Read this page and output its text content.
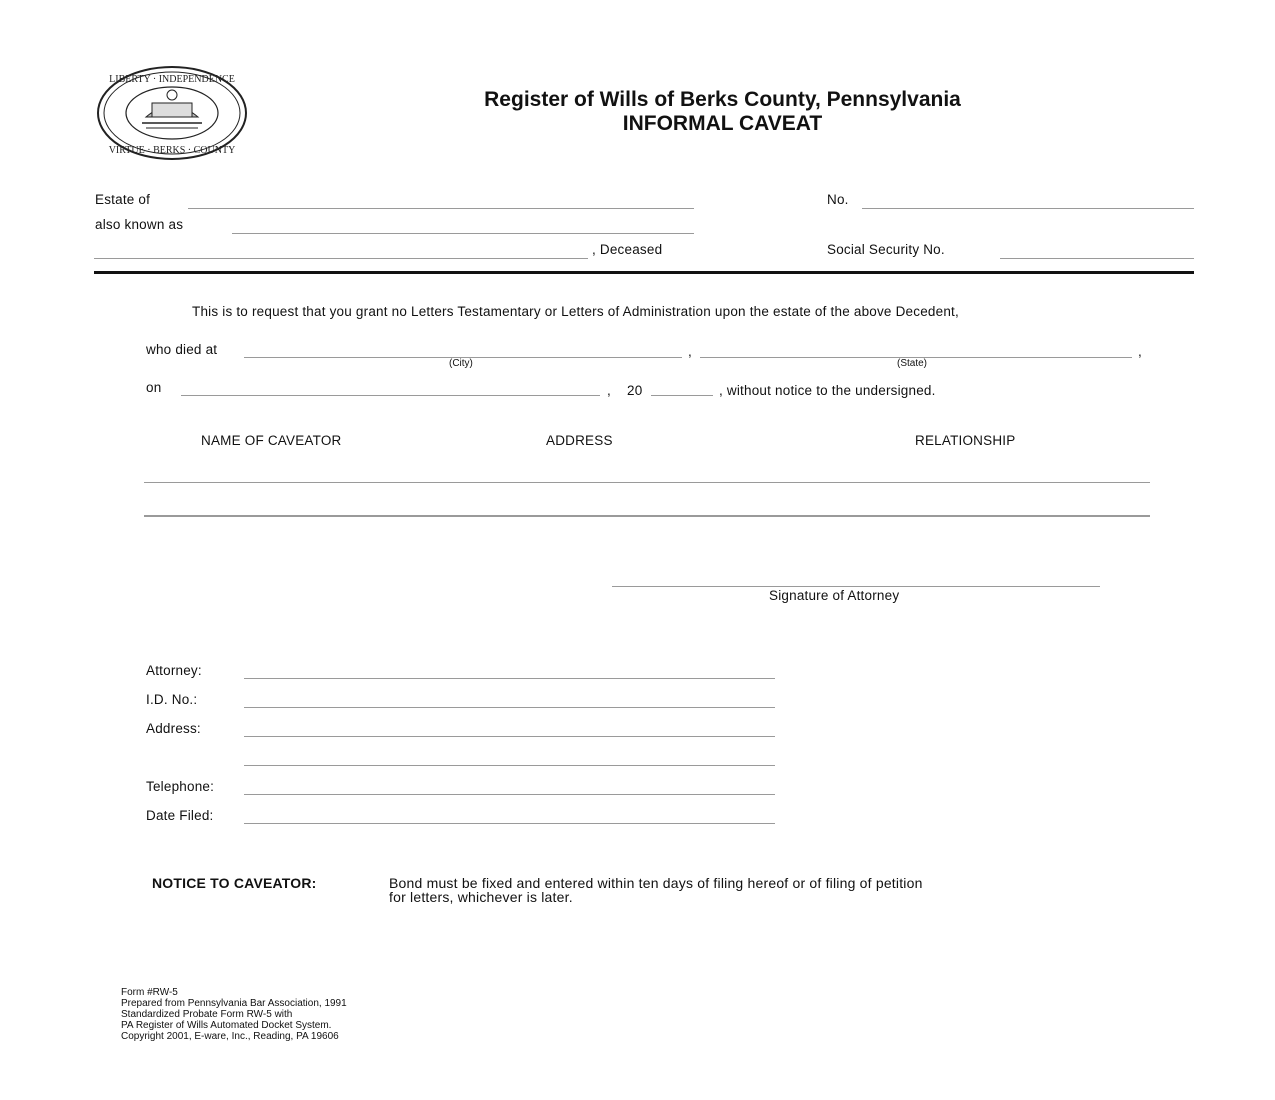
LIBERTY · INDEPENDENCE
VIRTUE · BERKS · COUNTY
Register of Wills of Berks County, Pennsylvania
INFORMAL CAVEAT
Estate of
also known as
, Deceased
No.
Social Security No.
This is to request that you grant no Letters Testamentary or Letters of Administration upon the estate of the above Decedent,
who died at	,	,
(City)	(State)
on	, 20	, without notice to the undersigned.
NAME OF CAVEATOR	ADDRESS	RELATIONSHIP
Signature of Attorney
Attorney:
I.D. No.:
Address:
Telephone:
Date Filed:
NOTICE TO CAVEATOR:	Bond must be fixed and entered within ten days of filing hereof or of filing of petition
for letters, whichever is later.
Form #RW-5
Prepared from Pennsylvania Bar Association, 1991
Standardized Probate Form RW-5 with
PA Register of Wills Automated Docket System.
Copyright 2001, E-ware, Inc., Reading, PA 19606
